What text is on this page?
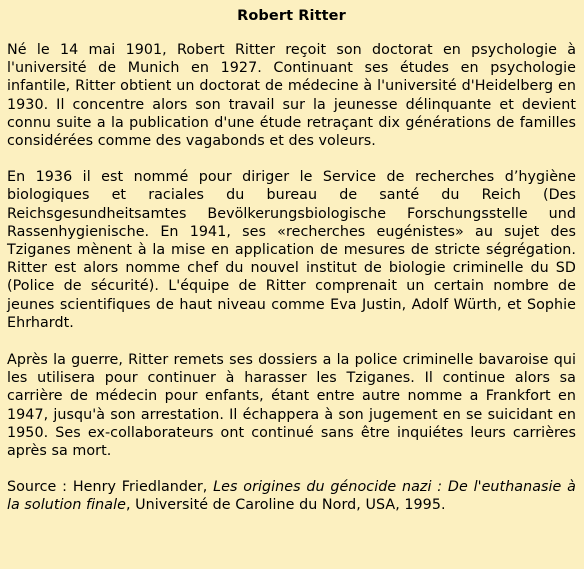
Robert Ritter

Né le 14 mai 1901, Robert Ritter reçoit son doctorat en psychologie à l'université de Munich en 1927. Continuant ses études en psychologie infantile, Ritter obtient un doctorat de médecine à l'université d'Heidelberg en 1930. Il concentre alors son travail sur la jeunesse délinquante et devient connu suite a la publication d'une étude retraçant dix générations de familles considérées comme des vagabonds et des voleurs.

En 1936 il est nommé pour diriger le Service de recherches d’hygiène biologiques et raciales du bureau de santé du Reich (Des Reichsgesundheitsamtes Bevölkerungsbiologische Forschungsstelle und Rassenhygienische. En 1941, ses «recherches eugénistes» au sujet des Tziganes mènent à la mise en application de mesures de stricte ségrégation. Ritter est alors nomme chef du nouvel institut de biologie criminelle du SD (Police de sécurité). L'équipe de Ritter comprenait un certain nombre de jeunes scientifiques de haut niveau comme Eva Justin, Adolf Würth, et Sophie Ehrhardt.

Après la guerre, Ritter remets ses dossiers a la police criminelle bavaroise qui les utilisera pour continuer à harasser les Tziganes. Il continue alors sa carrière de médecin pour enfants, étant entre autre nomme a Frankfort en 1947, jusqu'à son arrestation. Il échappera à son jugement en se suicidant en 1950. Ses ex-collaborateurs ont continué sans être inquiétes leurs carrières après sa mort.

Source : Henry Friedlander, Les origines du génocide nazi : De l'euthanasie à la solution finale, Université de Caroline du Nord, USA, 1995.
